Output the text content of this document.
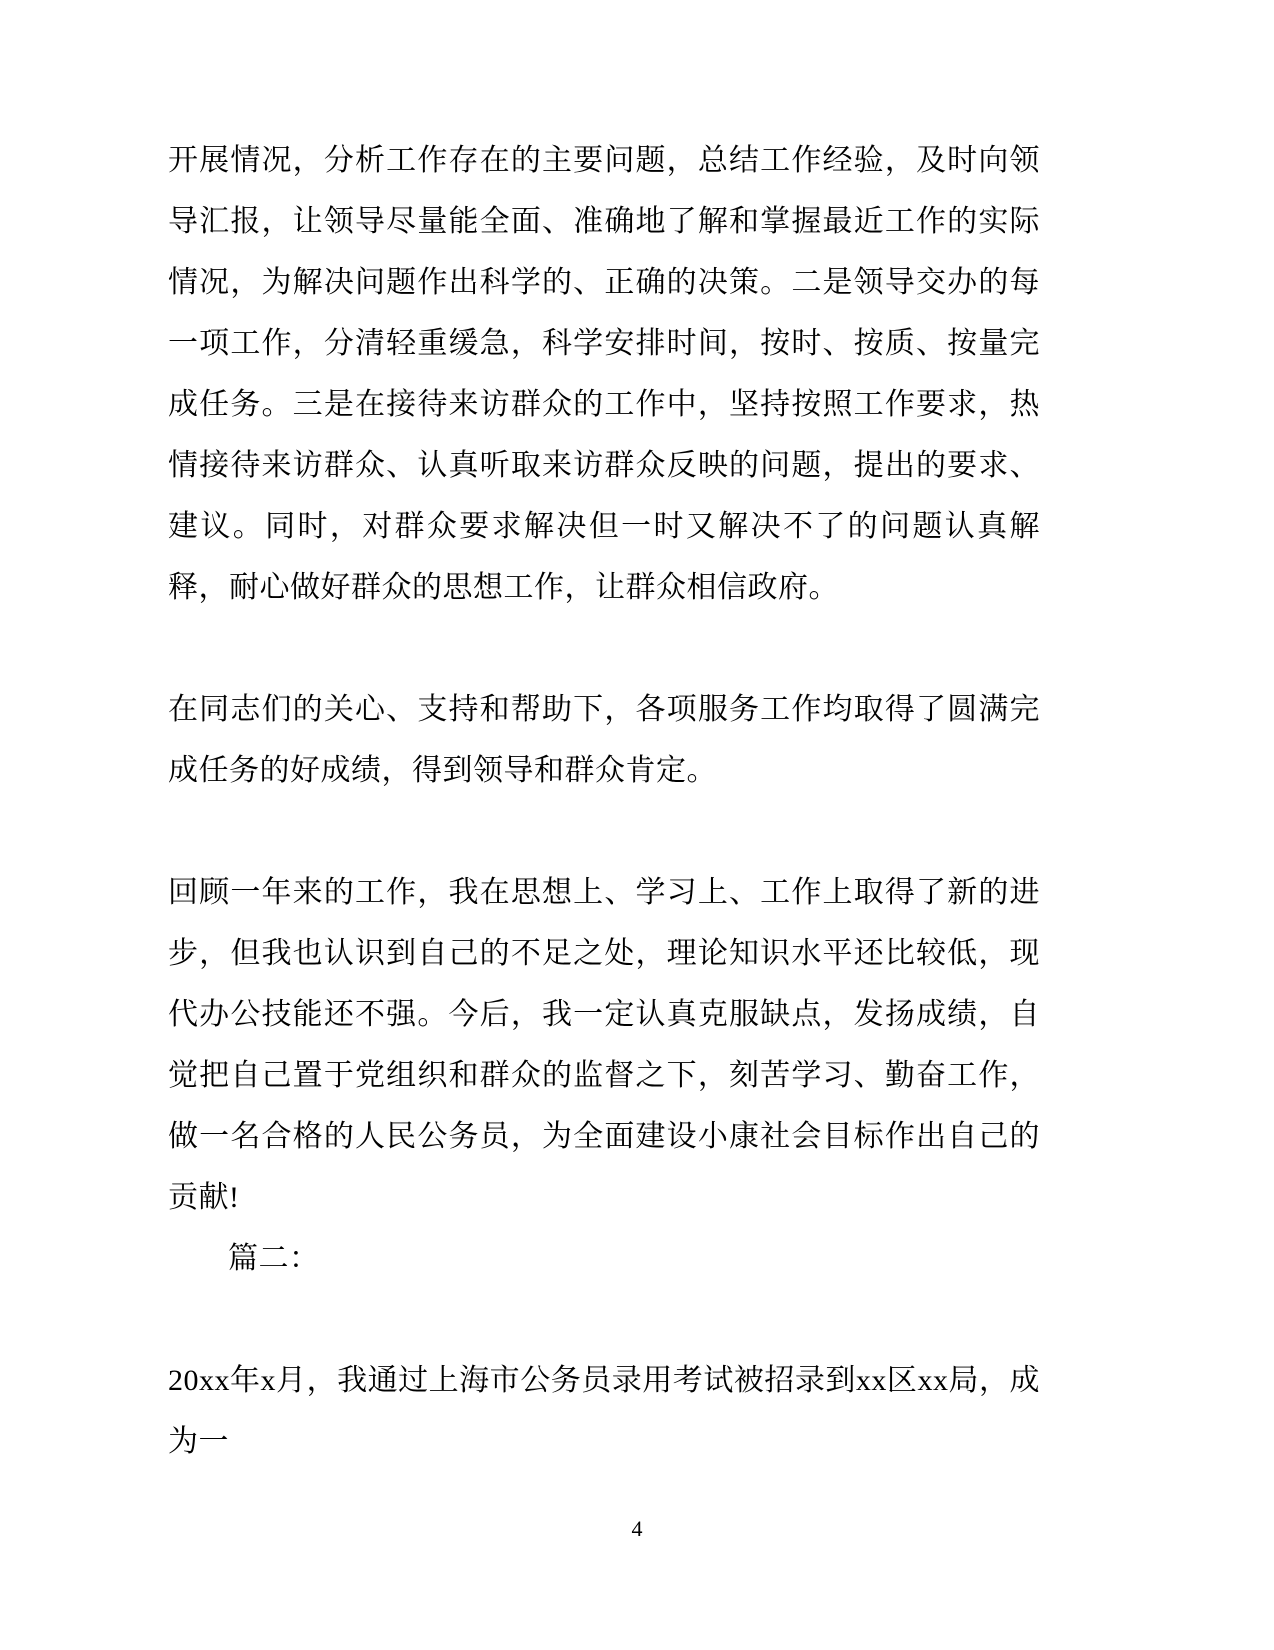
开展情况，分析工作存在的主要问题，总结工作经验，及时向领导汇报，让领导尽量能全面、准确地了解和掌握最近工作的实际情况，为解决问题作出科学的、正确的决策。二是领导交办的每一项工作，分清轻重缓急，科学安排时间，按时、按质、按量完成任务。三是在接待来访群众的工作中，坚持按照工作要求，热情接待来访群众、认真听取来访群众反映的问题，提出的要求、建议。同时，对群众要求解决但一时又解决不了的问题认真解释，耐心做好群众的思想工作，让群众相信政府。

在同志们的关心、支持和帮助下，各项服务工作均取得了圆满完成任务的好成绩，得到领导和群众肯定。

回顾一年来的工作，我在思想上、学习上、工作上取得了新的进步，但我也认识到自己的不足之处，理论知识水平还比较低，现代办公技能还不强。今后，我一定认真克服缺点，发扬成绩，自觉把自己置于党组织和群众的监督之下，刻苦学习、勤奋工作，做一名合格的人民公务员，为全面建设小康社会目标作出自己的贡献!

篇二：

20xx年x月，我通过上海市公务员录用考试被招录到xx区xx局，成为一

4
